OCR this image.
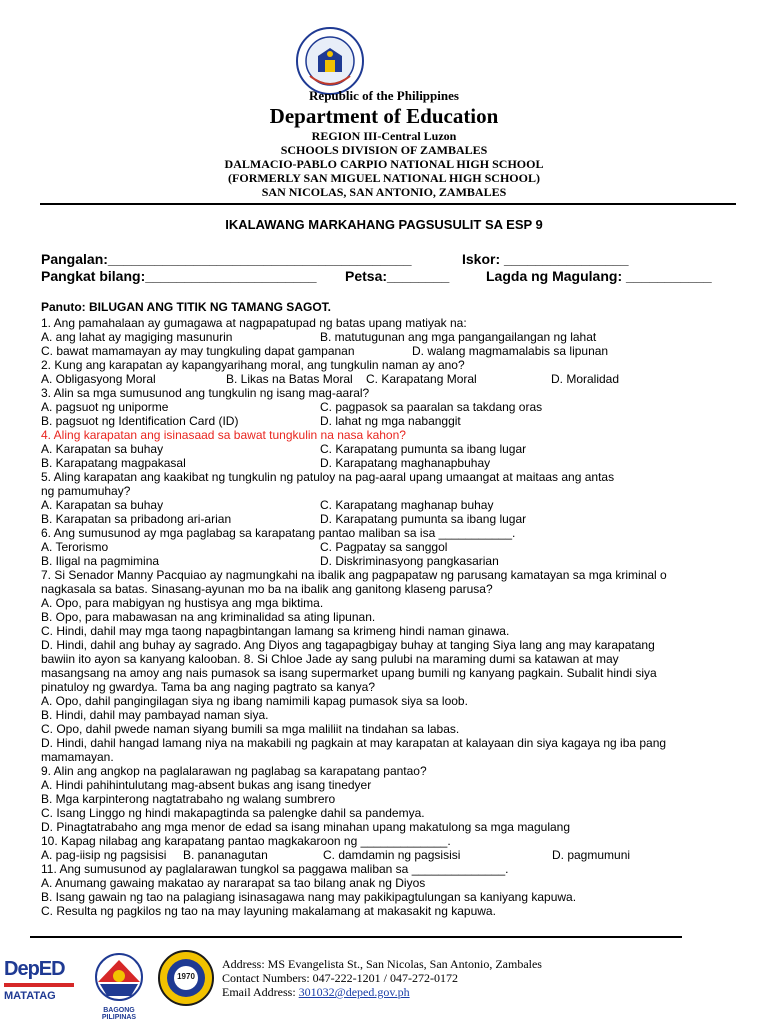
Republic of the Philippines
Department of Education
REGION III-Central Luzon
SCHOOLS DIVISION OF ZAMBALES
DALMACIO-PABLO CARPIO NATIONAL HIGH SCHOOL
(FORMERLY SAN MIGUEL NATIONAL HIGH SCHOOL)
SAN NICOLAS, SAN ANTONIO, ZAMBALES
IKALAWANG MARKAHANG PAGSUSULIT SA ESP 9
Pangalan:_______________________________________	Iskor: ________________
Pangkat bilang:______________________ Petsa:________	Lagda ng Magulang: ___________
Panuto: BILUGAN ANG TITIK NG TAMANG SAGOT.
1. Ang pamahalaan ay gumagawa at nagpapatupad ng batas upang matiyak na:
A. ang lahat ay magiging masunurin	B. matutugunan ang mga pangangailangan ng lahat
C. bawat mamamayan ay may tungkuling dapat gampanan	D. walang magmamalabis sa lipunan
2. Kung ang karapatan ay kapangyarihang moral, ang tungkulin naman ay ano?
A. Obligasyong Moral	B. Likas na Batas Moral C. Karapatang Moral	D. Moralidad
3. Alin sa mga sumusunod ang tungkulin ng isang mag-aaral?
A. pagsuot ng uniporme	C. pagpasok sa paaralan sa takdang oras
B. pagsuot ng Identification Card (ID)	D. lahat ng mga nabanggit
4. Aling karapatan ang isinasaad sa bawat tungkulin na nasa kahon?
A. Karapatan sa buhay	C. Karapatang pumunta sa ibang lugar
B. Karapatang magpakasal	D. Karapatang maghanapbuhay
5. Aling karapatan ang kaakibat ng tungkulin ng patuloy na pag-aaral upang umaangat at maitaas ang antas
ng pamumuhay?
A. Karapatan sa buhay	C. Karapatang maghanap buhay
B. Karapatan sa pribadong ari-arian	D. Karapatang pumunta sa ibang lugar
6. Ang sumusunod ay mga paglabag sa karapatang pantao maliban sa isa ___________.
A. Terorismo	C. Pagpatay sa sanggol
B. Iligal na pagmimina	D. Diskriminasyong pangkasarian
7. Si Senador Manny Pacquiao ay nagmungkahi na ibalik ang pagpapataw ng parusang kamatayan sa mga kriminal o
nagkasala sa batas. Sinasang-ayunan mo ba na ibalik ang ganitong klaseng parusa?
A. Opo, para mabigyan ng hustisya ang mga biktima.
B. Opo, para mabawasan na ang kriminalidad sa ating lipunan.
C. Hindi, dahil may mga taong napagbintangan lamang sa krimeng hindi naman ginawa.
D. Hindi, dahil ang buhay ay sagrado. Ang Diyos ang tagapagbigay buhay at tanging Siya lang ang may karapatang
bawiin ito ayon sa kanyang kalooban. 8. Si Chloe Jade ay sang pulubi na maraming dumi sa katawan at may
masangsang na amoy ang nais pumasok sa isang supermarket upang bumili ng kanyang pagkain. Subalit hindi siya
pinatuloy ng gwardya. Tama ba ang naging pagtrato sa kanya?
A. Opo, dahil pangingilagan siya ng ibang namimili kapag pumasok siya sa loob.
B. Hindi, dahil may pambayad naman siya.
C. Opo, dahil pwede naman siyang bumili sa mga maliliit na tindahan sa labas.
D. Hindi, dahil hangad lamang niya na makabili ng pagkain at may karapatan at kalayaan din siya kagaya ng iba pang
mamamayan.
9. Alin ang angkop na paglalarawan ng paglabag sa karapatang pantao?
A. Hindi pahihintulutang mag-absent bukas ang isang tinedyer
B. Mga karpinterong nagtatrabaho ng walang sumbrero
C. Isang Linggo ng hindi makapagtinda sa palengke dahil sa pandemya.
D. Pinagtatrabaho ang mga menor de edad sa isang minahan upang makatulong sa mga magulang
10. Kapag nilabag ang karapatang pantao magkakaroon ng _____________.
A. pag-iisip ng pagsisisi B. pananagutan	C. damdamin ng pagsisisi	D. pagmumuni
11. Ang sumusunod ay paglalarawan tungkol sa paggawa maliban sa ______________.
A. Anumang gawaing makatao ay nararapat sa tao bilang anak ng Diyos
B. Isang gawain ng tao na palagiang isinasagawa nang may pakikipagtulungan sa kaniyang kapuwa.
C. Resulta ng pagkilos ng tao na may layuning makalamang at makasakit ng kapuwa.
DepED
MATATAG
BAGONG PILIPINAS
1970
Address: MS Evangelista St., San Nicolas, San Antonio, Zambales
Contact Numbers: 047-222-1201 / 047-272-0172
Email Address: 301032@deped.gov.ph
